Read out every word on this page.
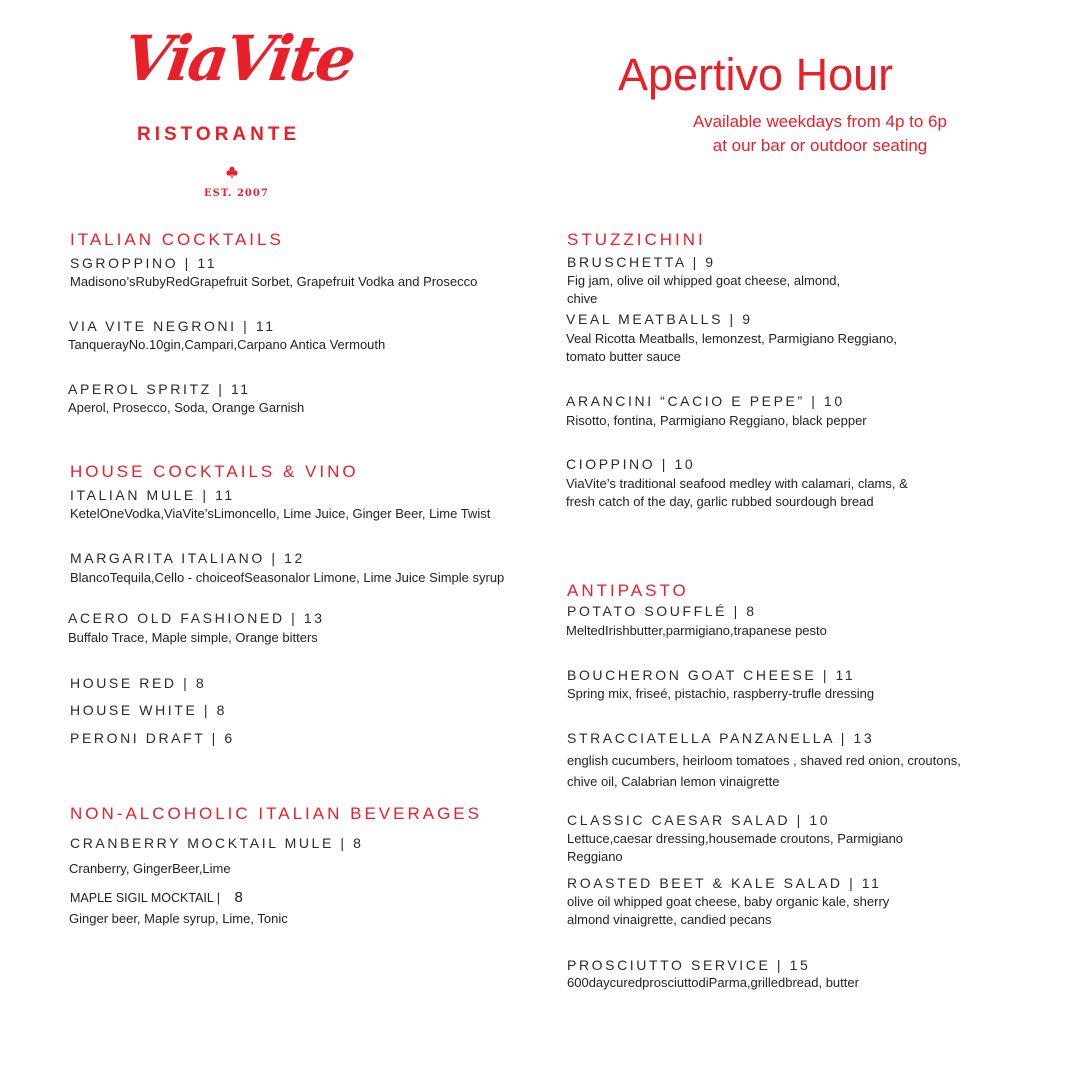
ViaVite
RISTORANTE
EST. 2007
Apertivo Hour
Available weekdays from 4p to 6p
at our bar or outdoor seating
ITALIAN COCKTAILS
SGROPPINO | 11
Madisono’sRubyRedGrapefruit Sorbet, Grapefruit Vodka and Prosecco
VIA VITE NEGRONI | 11
TanquerayNo.10gin,Campari,Carpano Antica Vermouth
APEROL SPRITZ | 11
Aperol, Prosecco, Soda, Orange Garnish
HOUSE COCKTAILS & VINO
ITALIAN MULE | 11
KetelOneVodka,ViaVite’sLimoncello, Lime Juice, Ginger Beer, Lime Twist
MARGARITA ITALIANO | 12
BlancoTequila,Cello - choiceofSeasonalor Limone, Lime Juice Simple syrup
ACERO OLD FASHIONED | 13
Buffalo Trace, Maple simple, Orange bitters
HOUSE RED | 8
HOUSE WHITE | 8
PERONI DRAFT | 6
NON-ALCOHOLIC ITALIAN BEVERAGES
CRANBERRY MOCKTAIL MULE | 8
Cranberry, GingerBeer,Lime
MAPLE SIGIL MOCKTAIL | 8
Ginger beer, Maple syrup, Lime, Tonic
STUZZICHINI
BRUSCHETTA | 9
Fig jam, olive oil whipped goat cheese, almond,
chive
VEAL MEATBALLS | 9
Veal Ricotta Meatballs, lemonzest, Parmigiano Reggiano,
tomato butter sauce
ARANCINI “CACIO E PEPE” | 10
Risotto, fontina, Parmigiano Reggiano, black pepper
CIOPPINO | 10
ViaVite’s traditional seafood medley with calamari, clams, &
fresh catch of the day, garlic rubbed sourdough bread
ANTIPASTO
POTATO SOUFFLÉ | 8
MeltedIrishbutter,parmigiano,trapanese pesto
BOUCHERON GOAT CHEESE | 11
Spring mix, friseé, pistachio, raspberry-trufle dressing
STRACCIATELLA PANZANELLA | 13
english cucumbers, heirloom tomatoes , shaved red onion, croutons,
chive oil, Calabrian lemon vinaigrette
CLASSIC CAESAR SALAD | 10
Lettuce,caesar dressing,housemade croutons, Parmigiano
Reggiano
ROASTED BEET & KALE SALAD | 11
olive oil whipped goat cheese, baby organic kale, sherry
almond vinaigrette, candied pecans
PROSCIUTTO SERVICE | 15
600daycuredprosciuttodiParma,grilledbread, butter
